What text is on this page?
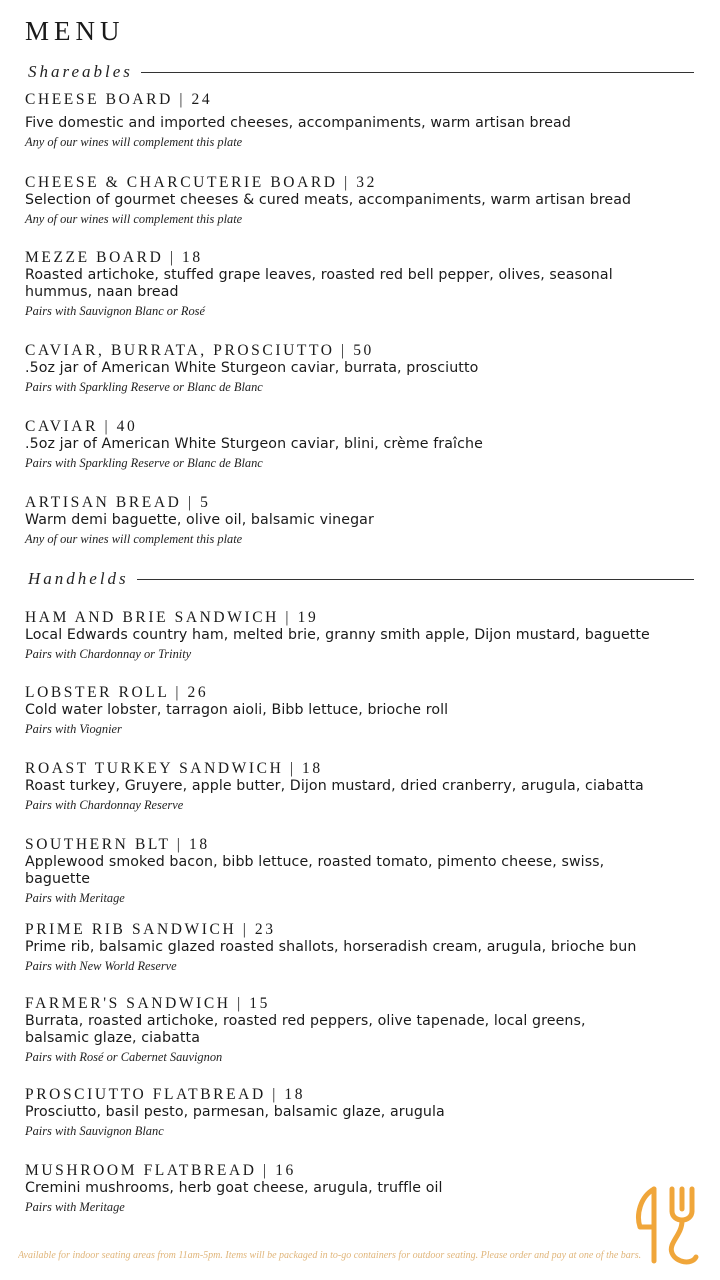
MENU
Shareables
CHEESE BOARD | 24
Five domestic and imported cheeses, accompaniments, warm artisan bread
Any of our wines will complement this plate
CHEESE & CHARCUTERIE BOARD | 32
Selection of gourmet cheeses & cured meats, accompaniments, warm artisan bread
Any of our wines will complement this plate
MEZZE BOARD | 18
Roasted artichoke, stuffed grape leaves, roasted red bell pepper, olives, seasonal hummus, naan bread
Pairs with Sauvignon Blanc or Rosé
CAVIAR, BURRATA, PROSCIUTTO | 50
.5oz jar of American White Sturgeon caviar, burrata, prosciutto
Pairs with Sparkling Reserve or Blanc de Blanc
CAVIAR | 40
.5oz jar of American White Sturgeon caviar, blini, crème fraîche
Pairs with Sparkling Reserve or Blanc de Blanc
ARTISAN BREAD | 5
Warm demi baguette, olive oil, balsamic vinegar
Any of our wines will complement this plate
Handhelds
HAM AND BRIE SANDWICH | 19
Local Edwards country ham, melted brie, granny smith apple, Dijon mustard, baguette
Pairs with Chardonnay or Trinity
LOBSTER ROLL | 26
Cold water lobster, tarragon aioli, Bibb lettuce, brioche roll
Pairs with Viognier
ROAST TURKEY SANDWICH | 18
Roast turkey, Gruyere, apple butter, Dijon mustard, dried cranberry, arugula, ciabatta
Pairs with Chardonnay Reserve
SOUTHERN BLT | 18
Applewood smoked bacon, bibb lettuce, roasted tomato, pimento cheese, swiss, baguette
Pairs with Meritage
PRIME RIB SANDWICH | 23
Prime rib, balsamic glazed roasted shallots, horseradish cream, arugula, brioche bun
Pairs with New World Reserve
FARMER'S SANDWICH | 15
Burrata, roasted artichoke, roasted red peppers, olive tapenade, local greens, balsamic glaze, ciabatta
Pairs with Rosé or Cabernet Sauvignon
PROSCIUTTO FLATBREAD | 18
Prosciutto, basil pesto, parmesan, balsamic glaze, arugula
Pairs with Sauvignon Blanc
MUSHROOM FLATBREAD | 16
Cremini mushrooms, herb goat cheese, arugula, truffle oil
Pairs with Meritage
Available for indoor seating areas from 11am-5pm. Items will be packaged in to-go containers for outdoor seating. Please order and pay at one of the bars.
